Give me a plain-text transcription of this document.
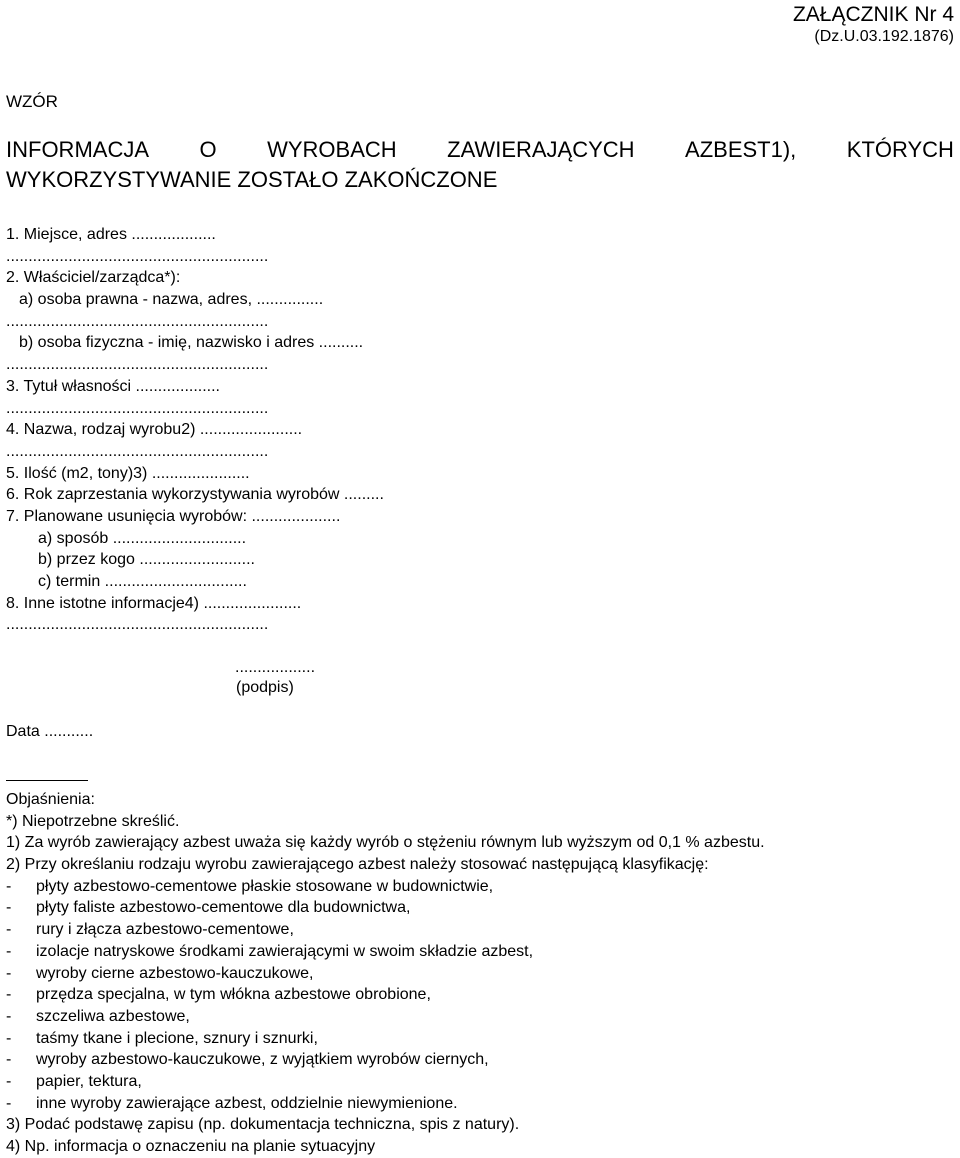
ZAŁĄCZNIK Nr 4
(Dz.U.03.192.1876)
WZÓR
INFORMACJA O WYROBACH ZAWIERAJĄCYCH AZBEST1), KTÓRYCH
WYKORZYSTYWANIE ZOSTAŁO ZAKOŃCZONE
1. Miejsce, adres ...................
...........................................................
2. Właściciel/zarządca*):
a) osoba prawna - nazwa, adres, ...............
...........................................................
b) osoba fizyczna - imię, nazwisko i adres ..........
...........................................................
3. Tytuł własności ...................
...........................................................
4. Nazwa, rodzaj wyrobu2) .......................
...........................................................
5. Ilość (m2, tony)3) ......................
6. Rok zaprzestania wykorzystywania wyrobów .........
7. Planowane usunięcia wyrobów: ....................
a) sposób ..............................
b) przez kogo ..........................
c) termin ................................
8. Inne istotne informacje4) ......................
...........................................................
..................
(podpis)
Data ...........
Objaśnienia:
*) Niepotrzebne skreślić.
1) Za wyrób zawierający azbest uważa się każdy wyrób o stężeniu równym lub wyższym od 0,1 % azbestu.
2) Przy określaniu rodzaju wyrobu zawierającego azbest należy stosować następującą klasyfikację:
- płyty azbestowo-cementowe płaskie stosowane w budownictwie,
- płyty faliste azbestowo-cementowe dla budownictwa,
- rury i złącza azbestowo-cementowe,
- izolacje natryskowe środkami zawierającymi w swoim składzie azbest,
- wyroby cierne azbestowo-kauczukowe,
- przędza specjalna, w tym włókna azbestowe obrobione,
- szczeliwa azbestowe,
- taśmy tkane i plecione, sznury i sznurki,
- wyroby azbestowo-kauczukowe, z wyjątkiem wyrobów ciernych,
- papier, tektura,
- inne wyroby zawierające azbest, oddzielnie niewymienione.
3) Podać podstawę zapisu (np. dokumentacja techniczna, spis z natury).
4) Np. informacja o oznaczeniu na planie sytuacyjny
